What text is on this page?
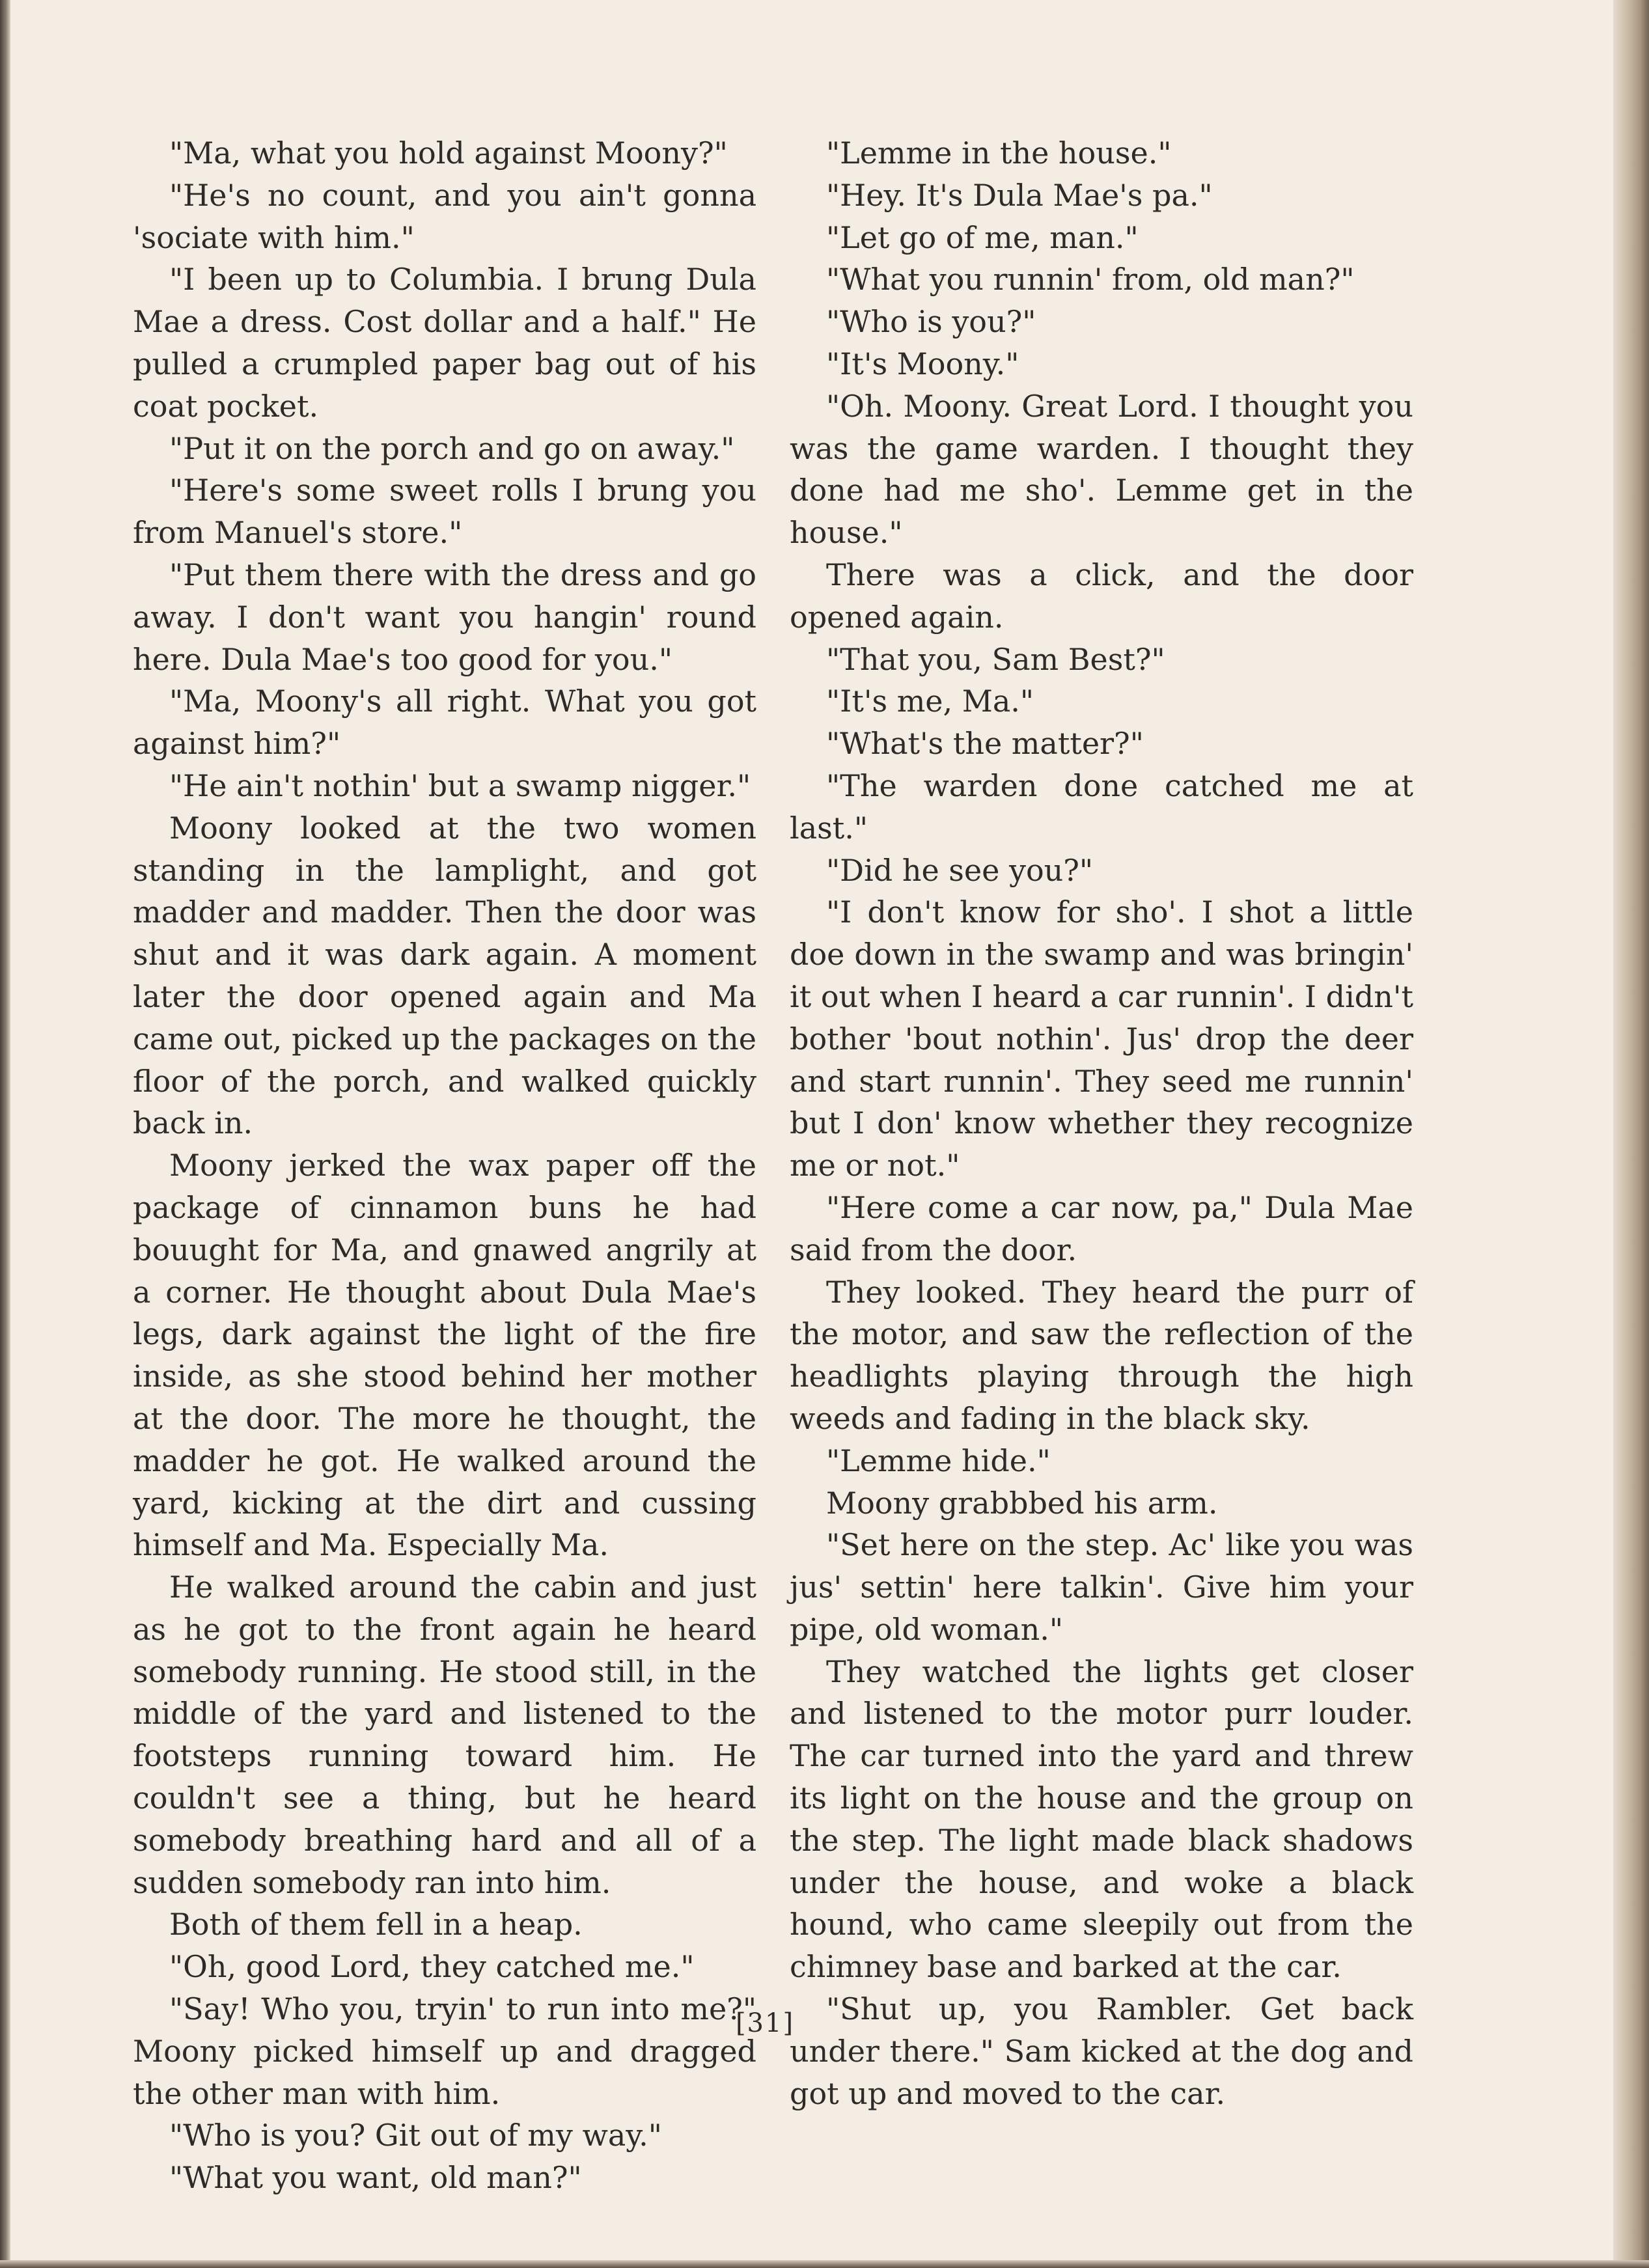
"Ma, what you hold against Moony?"

"He's no count, and you ain't gonna 'sociate with him."

"I been up to Columbia. I brung Dula Mae a dress. Cost dollar and a half." He pulled a crumpled paper bag out of his coat pocket.

"Put it on the porch and go on away."

"Here's some sweet rolls I brung you from Manuel's store."

"Put them there with the dress and go away. I don't want you hangin' round here. Dula Mae's too good for you."

"Ma, Moony's all right. What you got against him?"

"He ain't nothin' but a swamp nigger."

Moony looked at the two women standing in the lamplight, and got madder and madder. Then the door was shut and it was dark again. A moment later the door opened again and Ma came out, picked up the packages on the floor of the porch, and walked quickly back in.

Moony jerked the wax paper off the package of cinnamon buns he had bouught for Ma, and gnawed angrily at a corner. He thought about Dula Mae's legs, dark against the light of the fire inside, as she stood behind her mother at the door. The more he thought, the madder he got. He walked around the yard, kicking at the dirt and cussing himself and Ma. Especially Ma.

He walked around the cabin and just as he got to the front again he heard somebody running. He stood still, in the middle of the yard and listened to the footsteps running toward him. He couldn't see a thing, but he heard somebody breathing hard and all of a sudden somebody ran into him.

Both of them fell in a heap.

"Oh, good Lord, they catched me."

"Say! Who you, tryin' to run into me?" Moony picked himself up and dragged the other man with him.

"Who is you? Git out of my way."

"What you want, old man?"

"Lemme in the house."

"Hey. It's Dula Mae's pa."

"Let go of me, man."

"What you runnin' from, old man?"

"Who is you?"

"It's Moony."

"Oh. Moony. Great Lord. I thought you was the game warden. I thought they done had me sho'. Lemme get in the house."

There was a click, and the door opened again.

"That you, Sam Best?"

"It's me, Ma."

"What's the matter?"

"The warden done catched me at last."

"Did he see you?"

"I don't know for sho'. I shot a little doe down in the swamp and was bringin' it out when I heard a car runnin'. I didn't bother 'bout nothin'. Jus' drop the deer and start runnin'. They seed me runnin' but I don' know whether they recognize me or not."

"Here come a car now, pa," Dula Mae said from the door.

They looked. They heard the purr of the motor, and saw the reflection of the headlights playing through the high weeds and fading in the black sky.

"Lemme hide."

Moony grabbbed his arm.

"Set here on the step. Ac' like you was jus' settin' here talkin'. Give him your pipe, old woman."

They watched the lights get closer and listened to the motor purr louder. The car turned into the yard and threw its light on the house and the group on the step. The light made black shadows under the house, and woke a black hound, who came sleepily out from the chimney base and barked at the car.

"Shut up, you Rambler. Get back under there." Sam kicked at the dog and got up and moved to the car.

[31]
